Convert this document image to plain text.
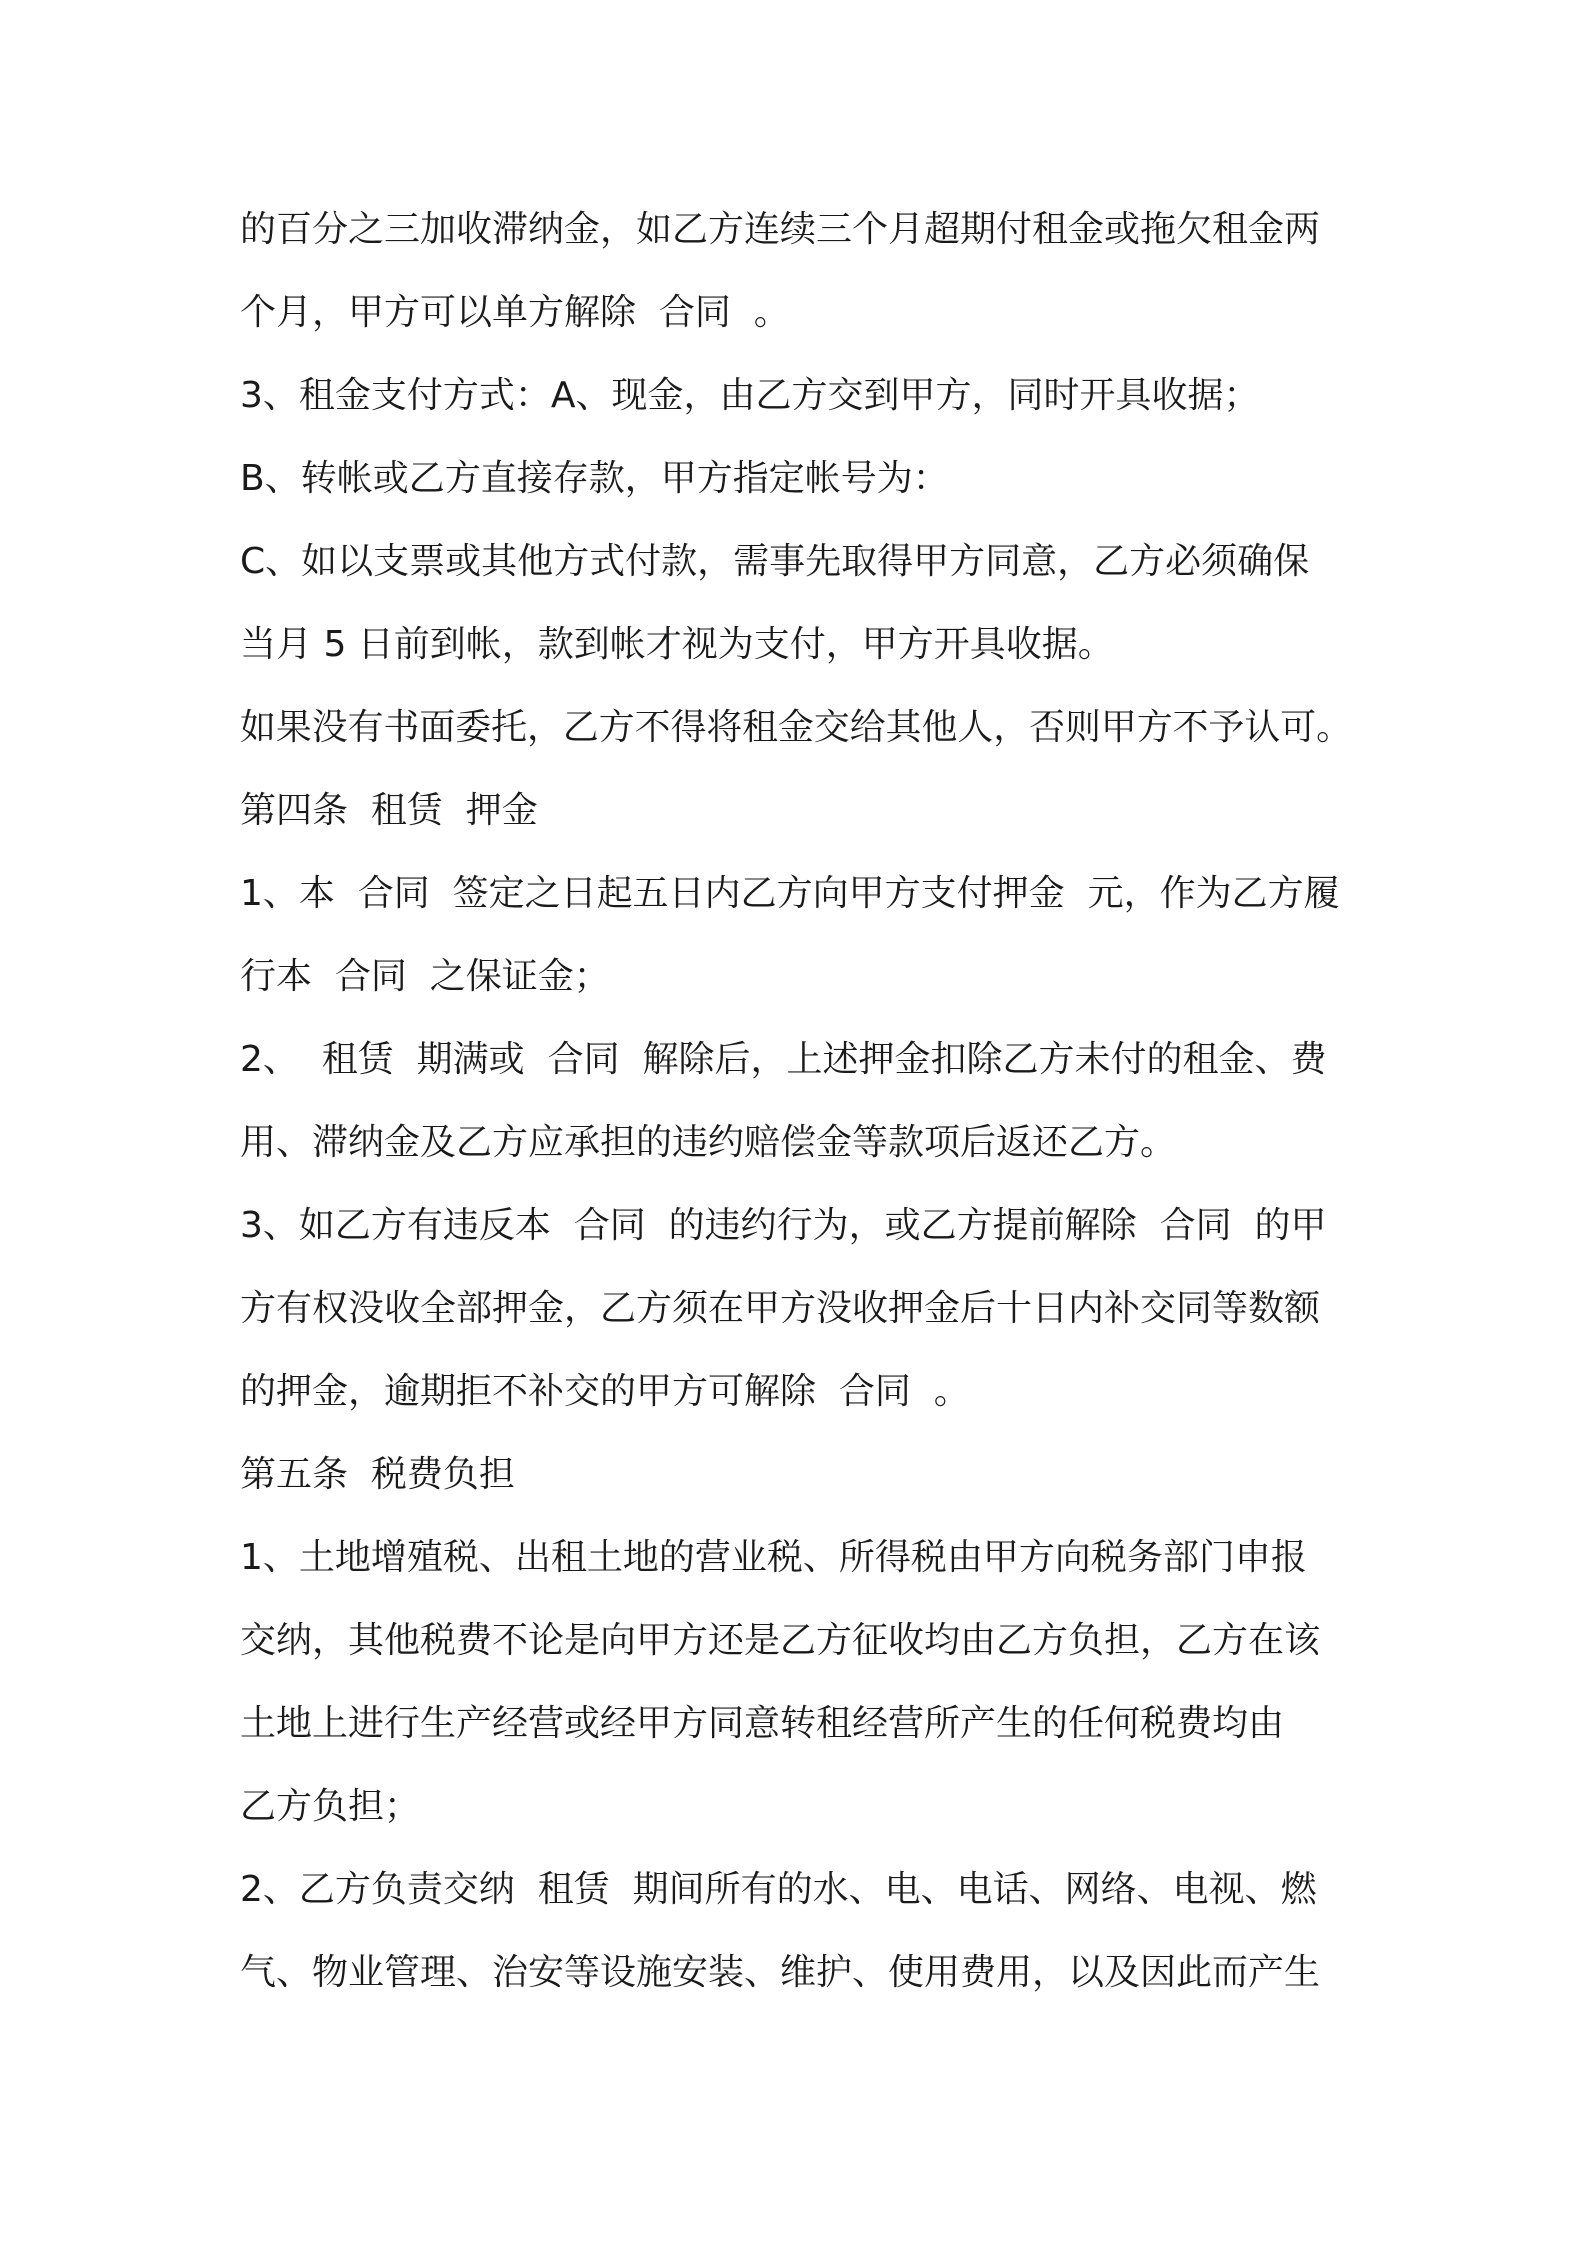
的百分之三加收滞纳金，如乙方连续三个月超期付租金或拖欠租金两
个月，甲方可以单方解除  合同  。
3、租金支付方式：A、现金，由乙方交到甲方，同时开具收据；
B、转帐或乙方直接存款，甲方指定帐号为：
C、如以支票或其他方式付款，需事先取得甲方同意，乙方必须确保
当月 5 日前到帐，款到帐才视为支付，甲方开具收据。
如果没有书面委托，乙方不得将租金交给其他人，否则甲方不予认可。
第四条  租赁  押金
1、本  合同  签定之日起五日内乙方向甲方支付押金  元，作为乙方履
行本  合同  之保证金；
2、  租赁  期满或  合同  解除后，上述押金扣除乙方未付的租金、费
用、滞纳金及乙方应承担的违约赔偿金等款项后返还乙方。
3、如乙方有违反本  合同  的违约行为，或乙方提前解除  合同  的甲
方有权没收全部押金，乙方须在甲方没收押金后十日内补交同等数额
的押金，逾期拒不补交的甲方可解除  合同  。
第五条  税费负担
1、土地增殖税、出租土地的营业税、所得税由甲方向税务部门申报
交纳，其他税费不论是向甲方还是乙方征收均由乙方负担，乙方在该
土地上进行生产经营或经甲方同意转租经营所产生的任何税费均由
乙方负担；
2、乙方负责交纳  租赁  期间所有的水、电、电话、网络、电视、燃
气、物业管理、治安等设施安装、维护、使用费用，以及因此而产生
